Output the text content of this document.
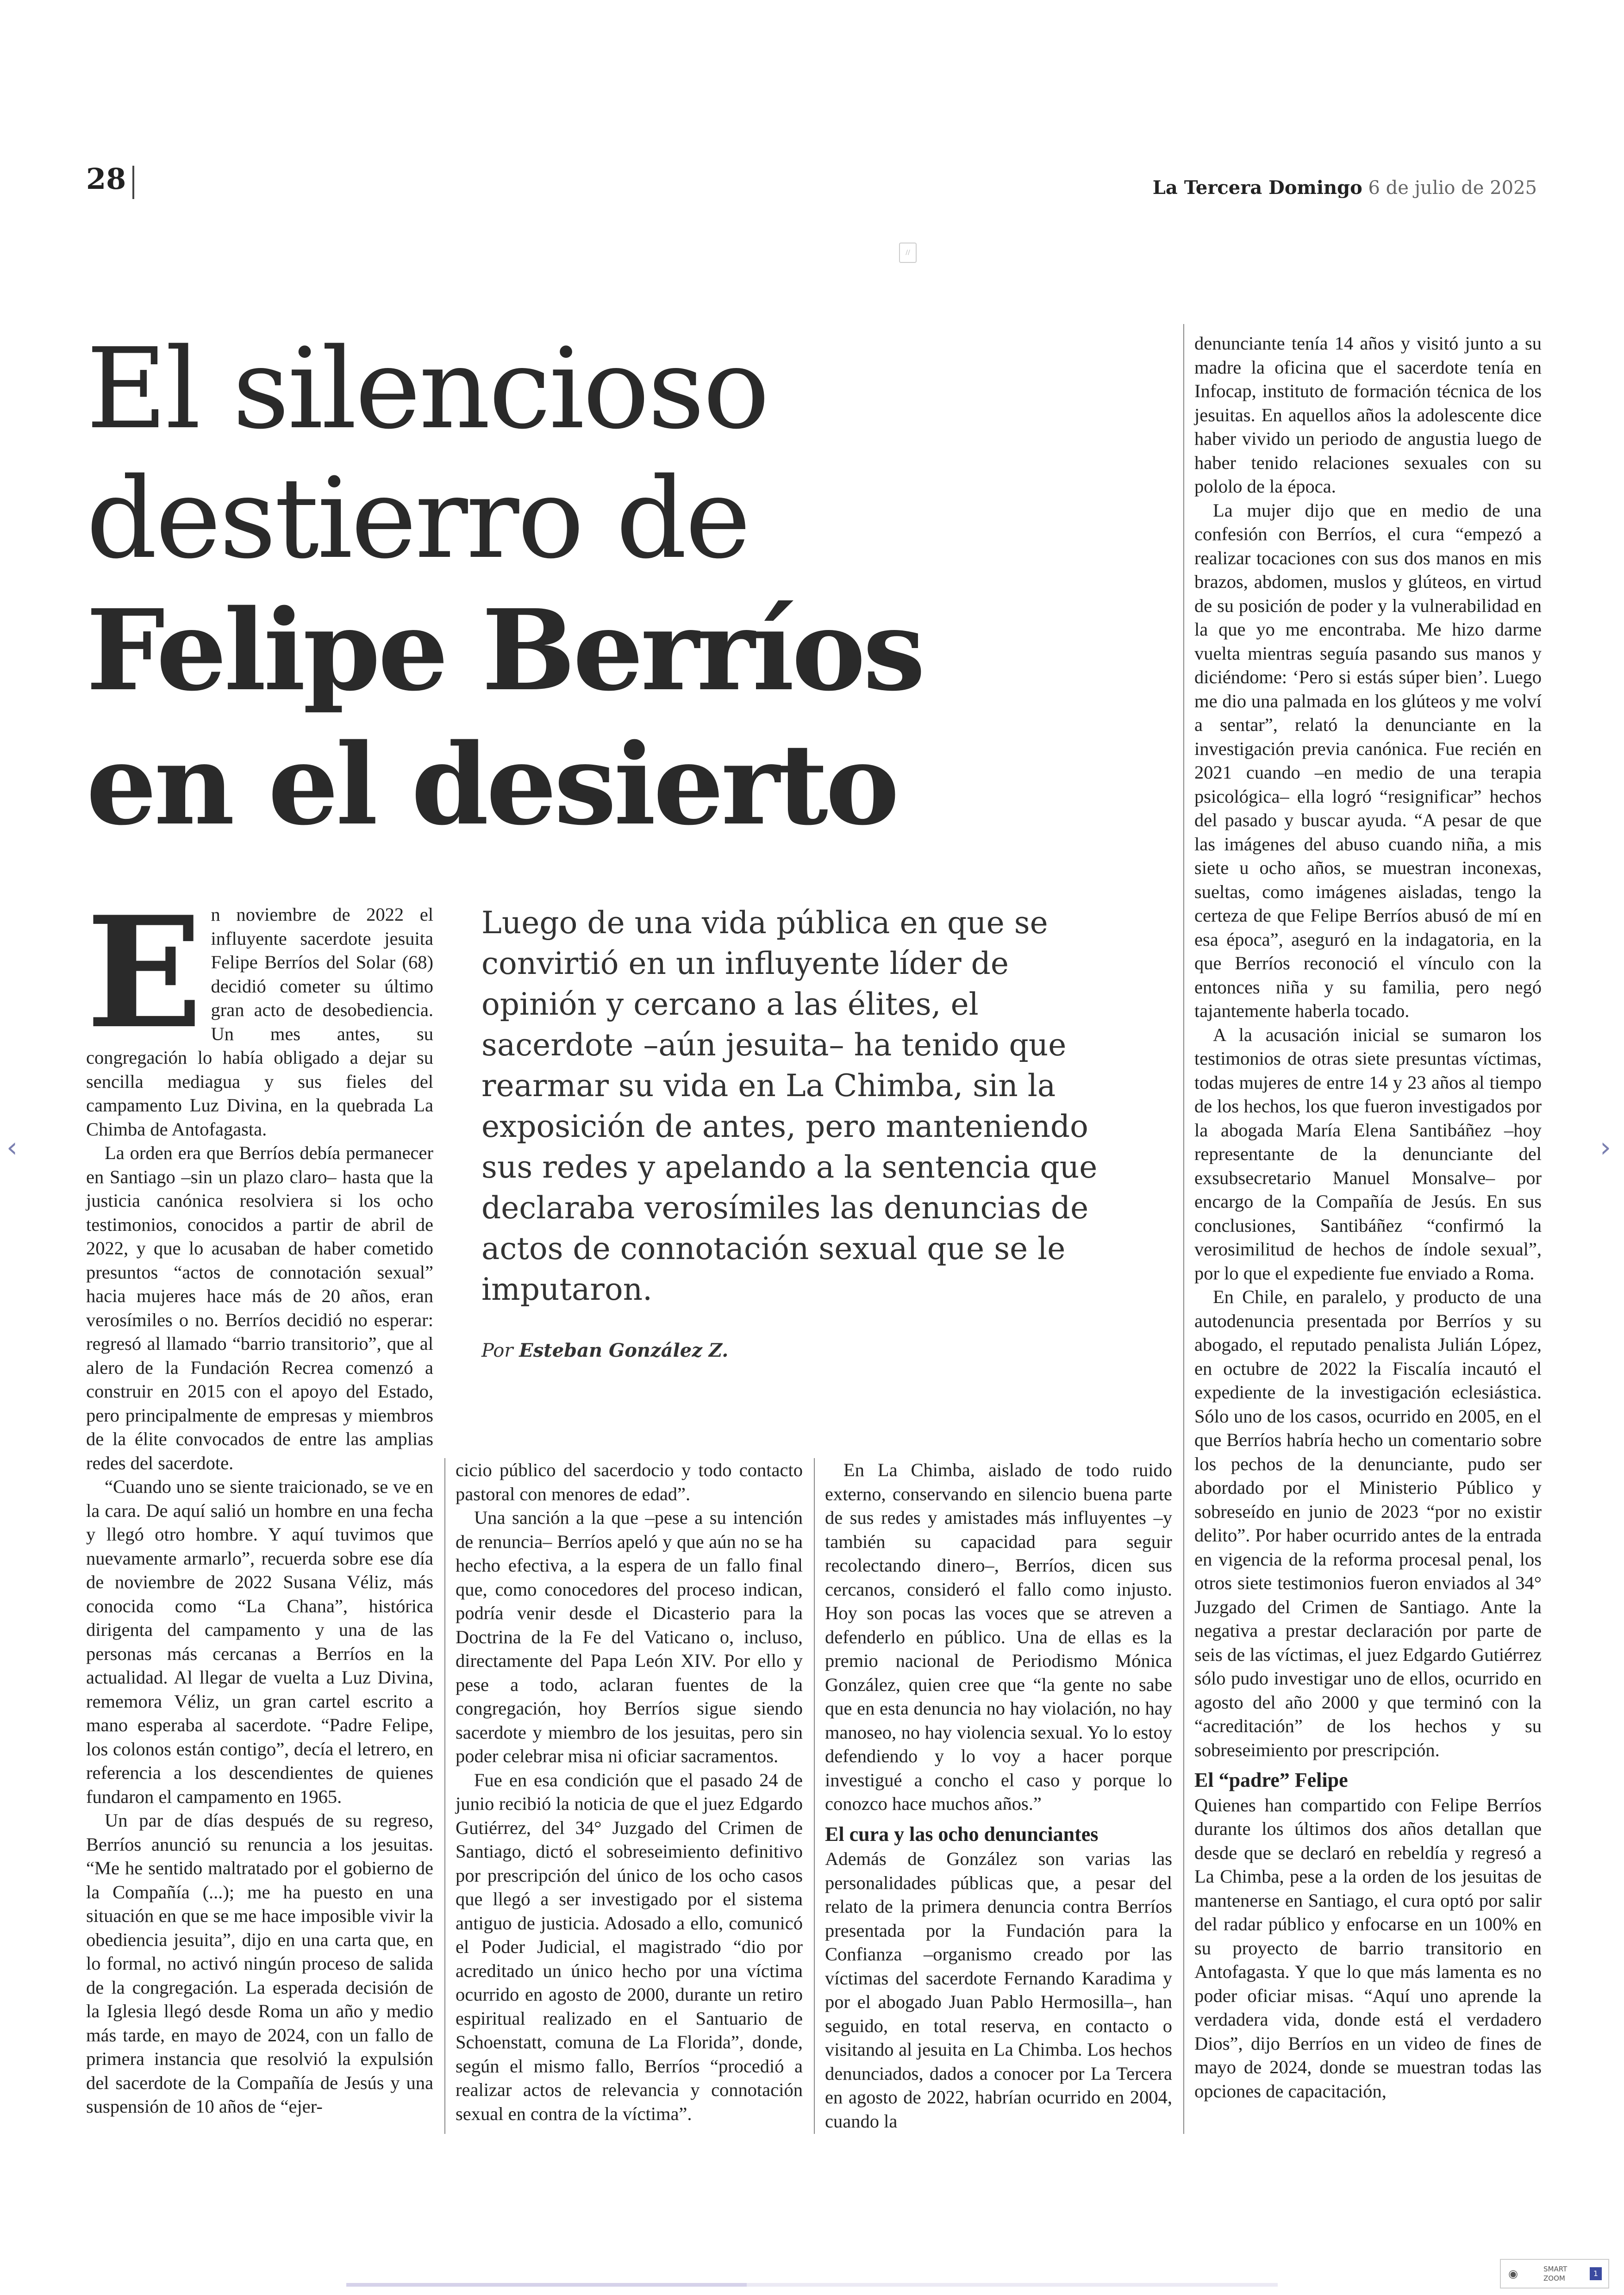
28	La Tercera Domingo 6 de julio de 2025
//
El silencioso
destierro de
Felipe Berríos
en el desierto
Luego de una vida pública en que se convirtió en un influyente líder de opinión y cercano a las élites, el sacerdote –aún jesuita– ha tenido que rearmar su vida en La Chimba, sin la exposición de antes, pero manteniendo sus redes y apelando a la sentencia que declaraba verosímiles las denuncias de actos de connotación sexual que se le imputaron.
Por Esteban González Z.
E n noviembre de 2022 el influyente sacerdote jesuita Felipe Berríos del Solar (68) decidió cometer su último gran acto de desobediencia. Un mes antes, su congregación lo había obligado a dejar su sencilla mediagua y sus fieles del campamento Luz Divina, en la quebrada La Chimba de Antofagasta.

La orden era que Berríos debía permanecer en Santiago –sin un plazo claro– hasta que la justicia canónica resolviera si los ocho testimonios, conocidos a partir de abril de 2022, y que lo acusaban de haber cometido presuntos “actos de connotación sexual” hacia mujeres hace más de 20 años, eran verosímiles o no. Berríos decidió no esperar: regresó al llamado “barrio transitorio”, que al alero de la Fundación Recrea comenzó a construir en 2015 con el apoyo del Estado, pero principalmente de empresas y miembros de la élite convocados de entre las amplias redes del sacerdote.

“Cuando uno se siente traicionado, se ve en la cara. De aquí salió un hombre en una fecha y llegó otro hombre. Y aquí tuvimos que nuevamente armarlo”, recuerda sobre ese día de noviembre de 2022 Susana Véliz, más conocida como “La Chana”, histórica dirigenta del campamento y una de las personas más cercanas a Berríos en la actualidad. Al llegar de vuelta a Luz Divina, rememora Véliz, un gran cartel escrito a mano esperaba al sacerdote. “Padre Felipe, los colonos están contigo”, decía el letrero, en referencia a los descendientes de quienes fundaron el campamento en 1965.

Un par de días después de su regreso, Berríos anunció su renuncia a los jesuitas. “Me he sentido maltratado por el gobierno de la Compañía (...); me ha puesto en una situación en que se me hace imposible vivir la obediencia jesuita”, dijo en una carta que, en lo formal, no activó ningún proceso de salida de la congregación. La esperada decisión de la Iglesia llegó desde Roma un año y medio más tarde, en mayo de 2024, con un fallo de primera instancia que resolvió la expulsión del sacerdote de la Compañía de Jesús y una suspensión de 10 años de “ejer-

cicio público del sacerdocio y todo contacto pastoral con menores de edad”.

Una sanción a la que –pese a su intención de renuncia– Berríos apeló y que aún no se ha hecho efectiva, a la espera de un fallo final que, como conocedores del proceso indican, podría venir desde el Dicasterio para la Doctrina de la Fe del Vaticano o, incluso, directamente del Papa León XIV. Por ello y pese a todo, aclaran fuentes de la congregación, hoy Berríos sigue siendo sacerdote y miembro de los jesuitas, pero sin poder celebrar misa ni oficiar sacramentos.

Fue en esa condición que el pasado 24 de junio recibió la noticia de que el juez Edgardo Gutiérrez, del 34° Juzgado del Crimen de Santiago, dictó el sobreseimiento definitivo por prescripción del único de los ocho casos que llegó a ser investigado por el sistema antiguo de justicia. Adosado a ello, comunicó el Poder Judicial, el magistrado “dio por acreditado un único hecho por una víctima ocurrido en agosto de 2000, durante un retiro espiritual realizado en el Santuario de Schoenstatt, comuna de La Florida”, donde, según el mismo fallo, Berríos “procedió a realizar actos de relevancia y connotación sexual en contra de la víctima”.

En La Chimba, aislado de todo ruido externo, conservando en silencio buena parte de sus redes y amistades más influyentes –y también su capacidad para seguir recolectando dinero–, Berríos, dicen sus cercanos, consideró el fallo como injusto. Hoy son pocas las voces que se atreven a defenderlo en público. Una de ellas es la premio nacional de Periodismo Mónica González, quien cree que “la gente no sabe que en esta denuncia no hay violación, no hay manoseo, no hay violencia sexual. Yo lo estoy defendiendo y lo voy a hacer porque investigué a concho el caso y porque lo conozco hace muchos años.”

El cura y las ocho denunciantes

Además de González son varias las personalidades públicas que, a pesar del relato de la primera denuncia contra Berríos presentada por la Fundación para la Confianza –organismo creado por las víctimas del sacerdote Fernando Karadima y por el abogado Juan Pablo Hermosilla–, han seguido, en total reserva, en contacto o visitando al jesuita en La Chimba. Los hechos denunciados, dados a conocer por La Tercera en agosto de 2022, habrían ocurrido en 2004, cuando la

denunciante tenía 14 años y visitó junto a su madre la oficina que el sacerdote tenía en Infocap, instituto de formación técnica de los jesuitas. En aquellos años la adolescente dice haber vivido un periodo de angustia luego de haber tenido relaciones sexuales con su pololo de la época.

La mujer dijo que en medio de una confesión con Berríos, el cura “empezó a realizar tocaciones con sus dos manos en mis brazos, abdomen, muslos y glúteos, en virtud de su posición de poder y la vulnerabilidad en la que yo me encontraba. Me hizo darme vuelta mientras seguía pasando sus manos y diciéndome: ‘Pero si estás súper bien’. Luego me dio una palmada en los glúteos y me volví a sentar”, relató la denunciante en la investigación previa canónica. Fue recién en 2021 cuando –en medio de una terapia psicológica– ella logró “resignificar” hechos del pasado y buscar ayuda. “A pesar de que las imágenes del abuso cuando niña, a mis siete u ocho años, se muestran inconexas, sueltas, como imágenes aisladas, tengo la certeza de que Felipe Berríos abusó de mí en esa época”, aseguró en la indagatoria, en la que Berríos reconoció el vínculo con la entonces niña y su familia, pero negó tajantemente haberla tocado.

A la acusación inicial se sumaron los testimonios de otras siete presuntas víctimas, todas mujeres de entre 14 y 23 años al tiempo de los hechos, los que fueron investigados por la abogada María Elena Santibáñez –hoy representante de la denunciante del exsubsecretario Manuel Monsalve– por encargo de la Compañía de Jesús. En sus conclusiones, Santibáñez “confirmó la verosimilitud de hechos de índole sexual”, por lo que el expediente fue enviado a Roma.

En Chile, en paralelo, y producto de una autodenuncia presentada por Berríos y su abogado, el reputado penalista Julián López, en octubre de 2022 la Fiscalía incautó el expediente de la investigación eclesiástica. Sólo uno de los casos, ocurrido en 2005, en el que Berríos habría hecho un comentario sobre los pechos de la denunciante, pudo ser abordado por el Ministerio Público y sobreseído en junio de 2023 “por no existir delito”. Por haber ocurrido antes de la entrada en vigencia de la reforma procesal penal, los otros siete testimonios fueron enviados al 34° Juzgado del Crimen de Santiago. Ante la negativa a prestar declaración por parte de seis de las víctimas, el juez Edgardo Gutiérrez sólo pudo investigar uno de ellos, ocurrido en agosto del año 2000 y que terminó con la “acreditación” de los hechos y su sobreseimiento por prescripción.

El “padre” Felipe

Quienes han compartido con Felipe Berríos durante los últimos dos años detallan que desde que se declaró en rebeldía y regresó a La Chimba, pese a la orden de los jesuitas de mantenerse en Santiago, el cura optó por salir del radar público y enfocarse en un 100% en su proyecto de barrio transitorio en Antofagasta. Y que lo que más lamenta es no poder oficiar misas. “Aquí uno aprende la verdadera vida, donde está el verdadero Dios”, dijo Berríos en un video de fines de mayo de 2024, donde se muestran todas las opciones de capacitación,

‹	›
◉	SMART
ZOOM
1
